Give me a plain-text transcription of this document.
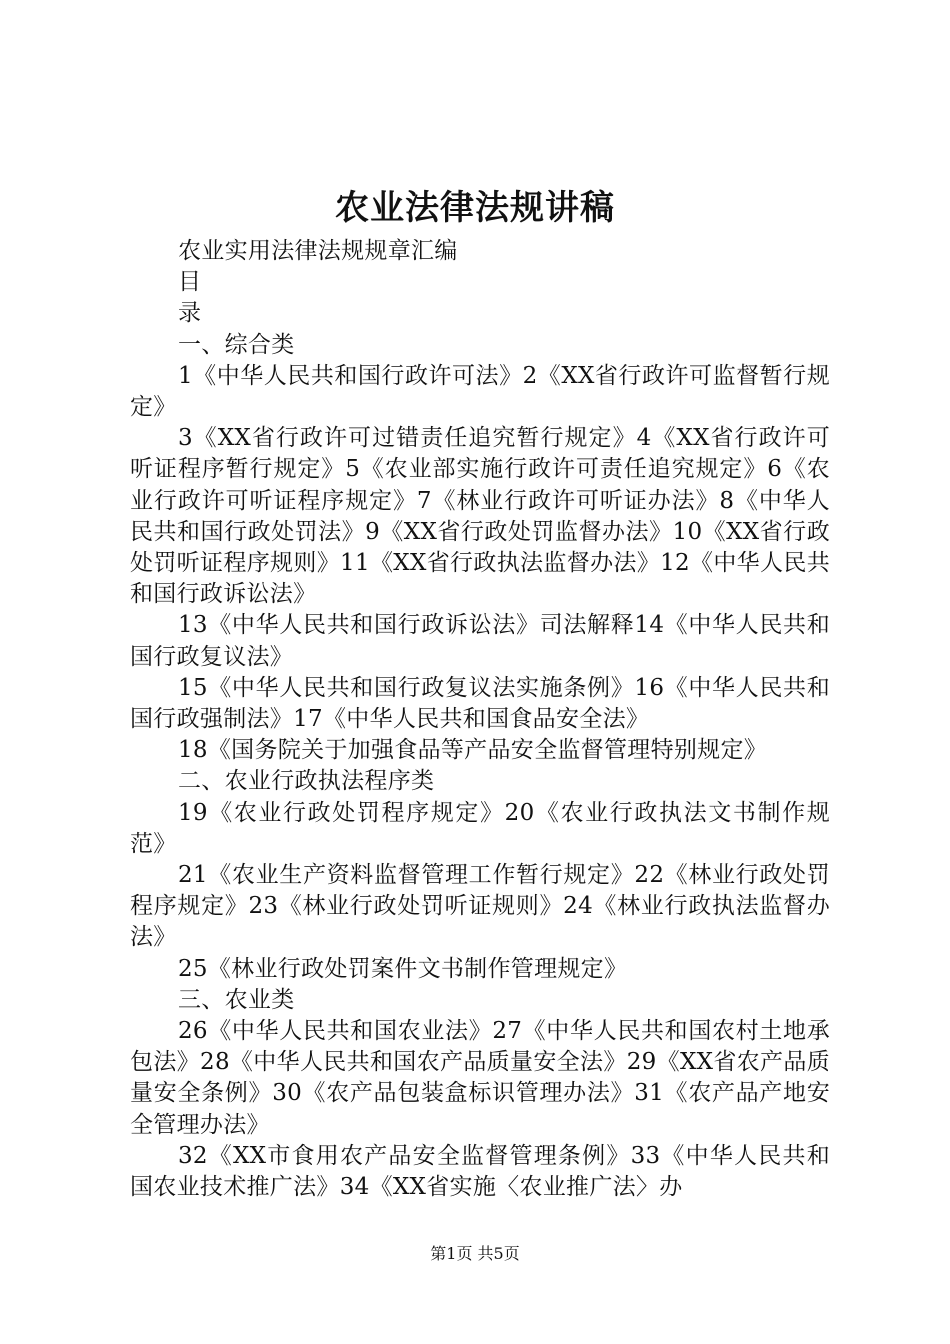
农业法律法规讲稿

农业实用法律法规规章汇编

目

录

一、综合类

1《中华人民共和国行政许可法》2《XX省行政许可监督暂行规定》

3《XX省行政许可过错责任追究暂行规定》4《XX省行政许可听证程序暂行规定》5《农业部实施行政许可责任追究规定》6《农业行政许可听证程序规定》7《林业行政许可听证办法》8《中华人民共和国行政处罚法》9《XX省行政处罚监督办法》10《XX省行政处罚听证程序规则》11《XX省行政执法监督办法》12《中华人民共和国行政诉讼法》

13《中华人民共和国行政诉讼法》司法解释14《中华人民共和国行政复议法》

15《中华人民共和国行政复议法实施条例》16《中华人民共和国行政强制法》17《中华人民共和国食品安全法》

18《国务院关于加强食品等产品安全监督管理特别规定》

二、农业行政执法程序类

19《农业行政处罚程序规定》20《农业行政执法文书制作规范》

21《农业生产资料监督管理工作暂行规定》22《林业行政处罚程序规定》23《林业行政处罚听证规则》24《林业行政执法监督办法》

25《林业行政处罚案件文书制作管理规定》

三、农业类

26《中华人民共和国农业法》27《中华人民共和国农村土地承包法》28《中华人民共和国农产品质量安全法》29《XX省农产品质量安全条例》30《农产品包装盒标识管理办法》31《农产品产地安全管理办法》

32《XX市食用农产品安全监督管理条例》33《中华人民共和国农业技术推广法》34《XX省实施〈农业推广法〉办

第1页 共5页
